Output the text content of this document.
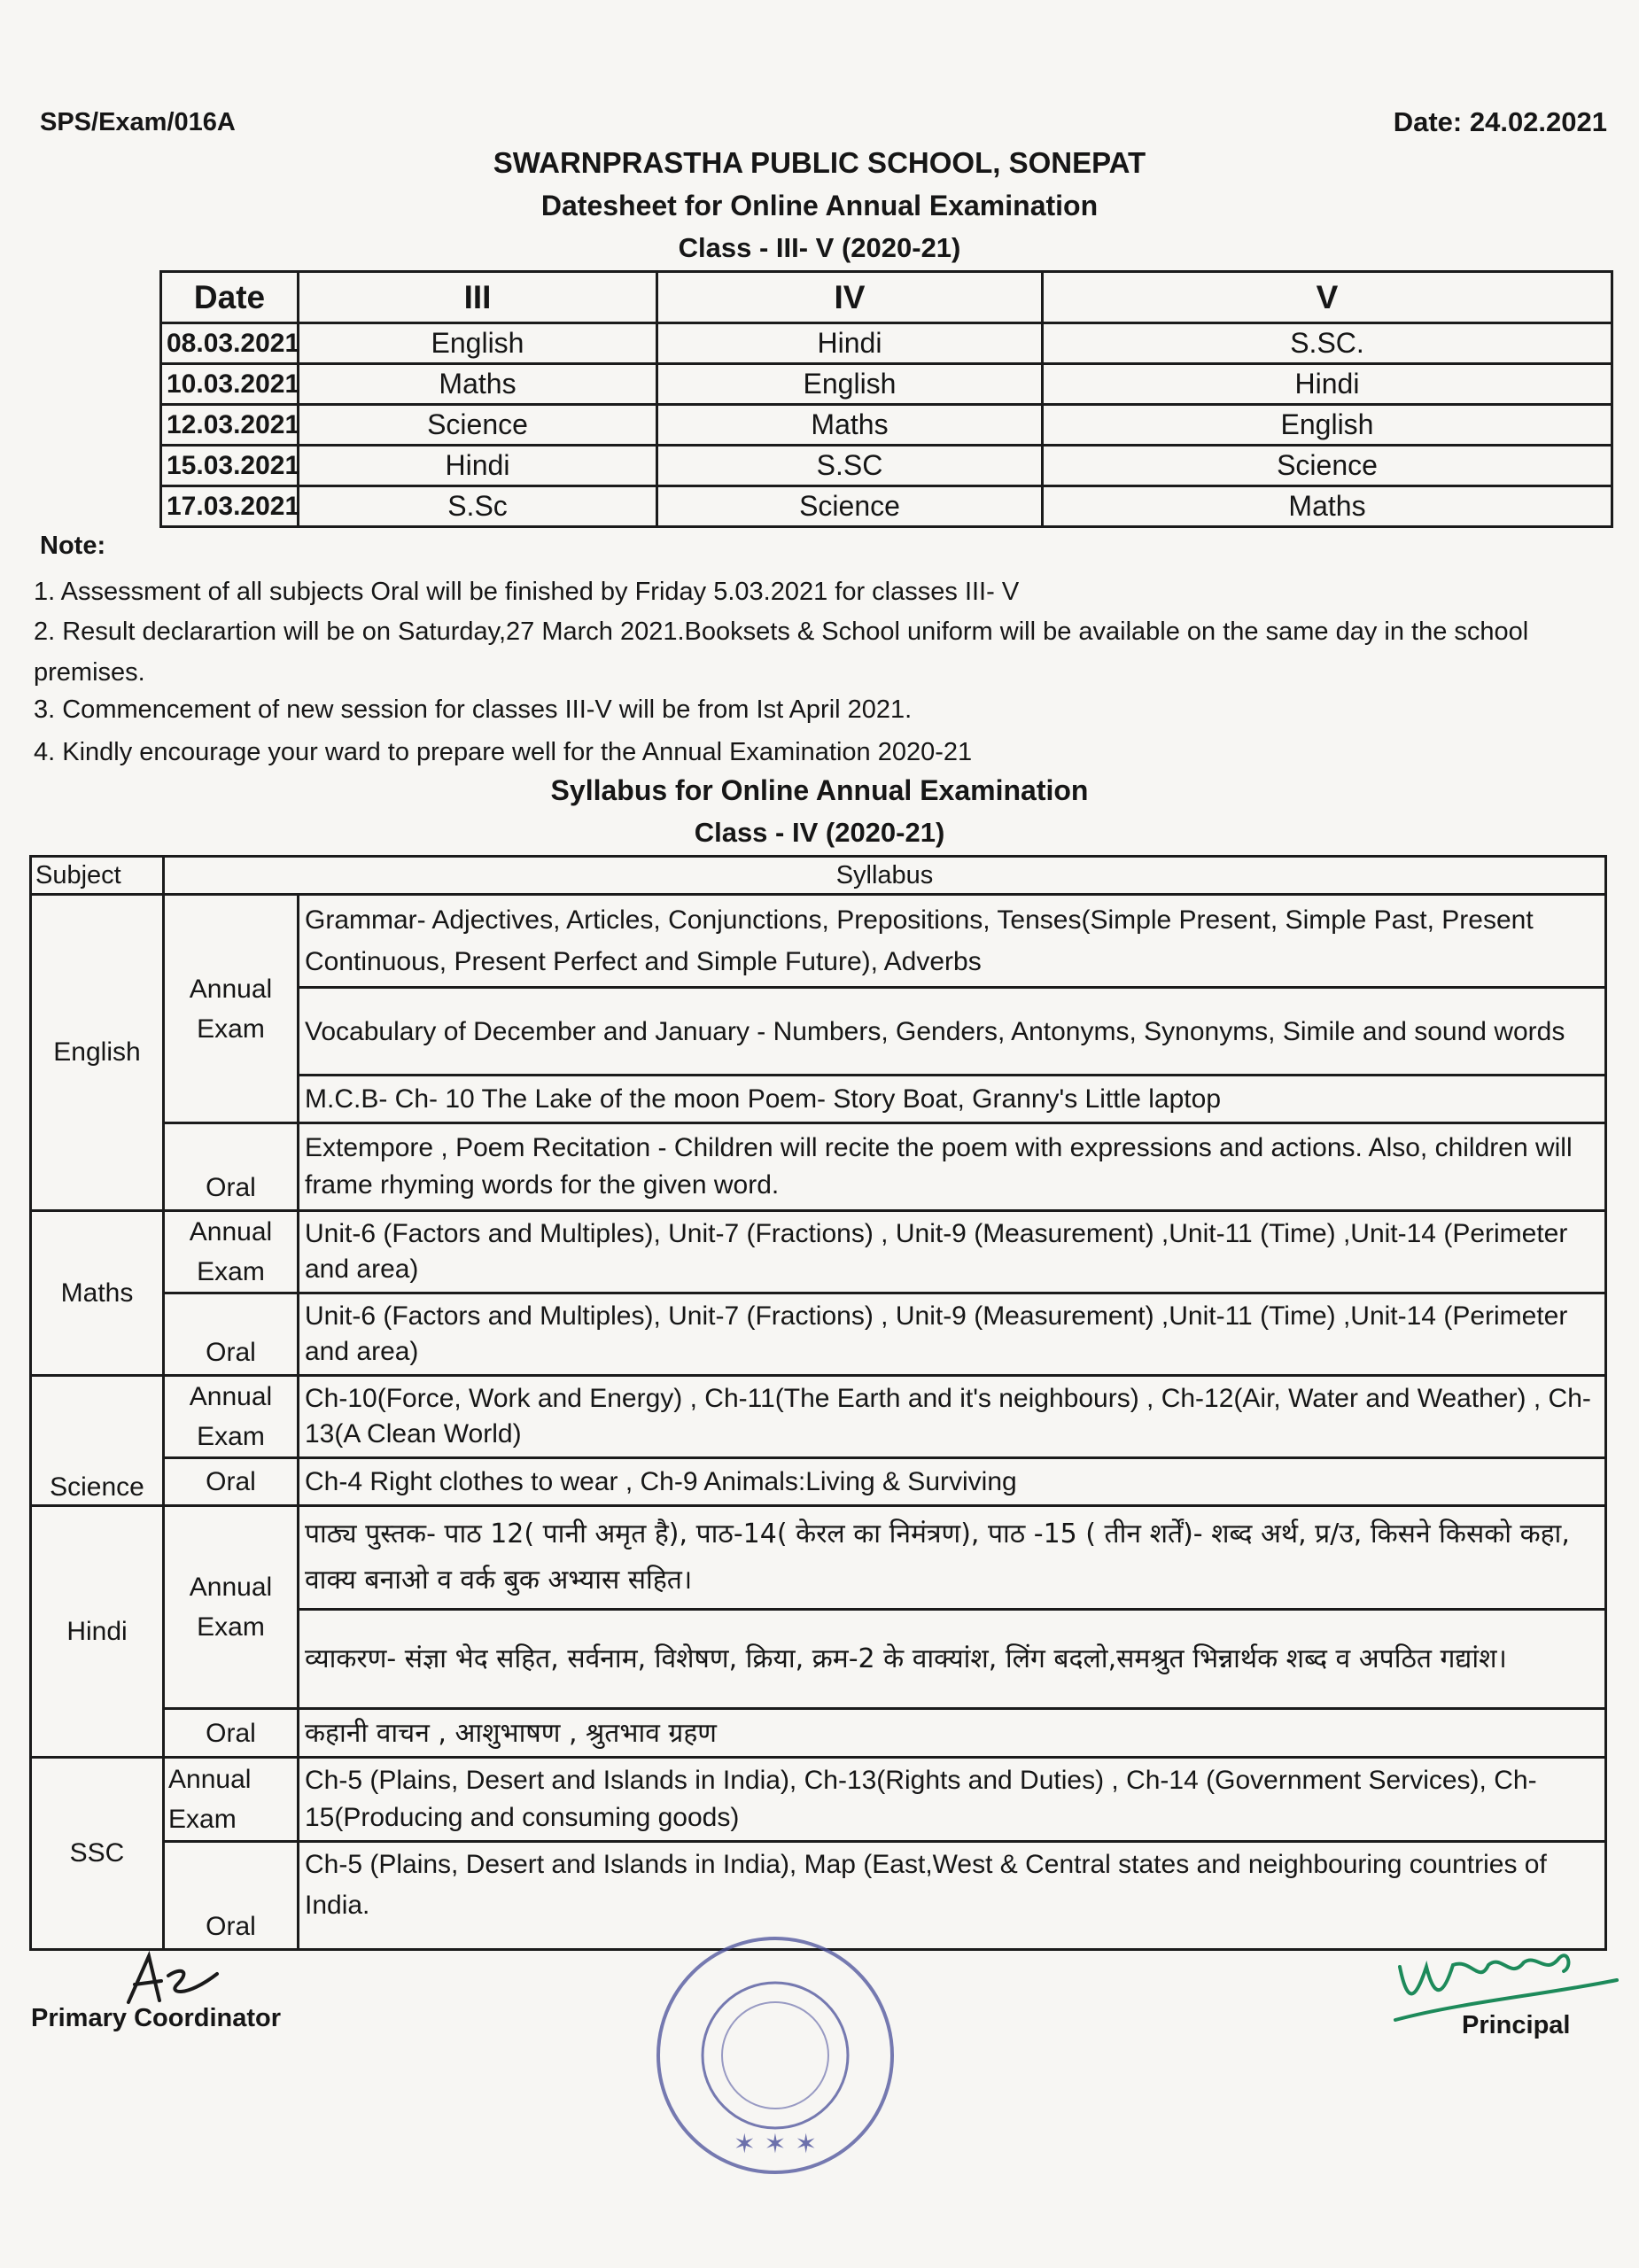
SPS/Exam/016A	Date: 24.02.2021
SWARNPRASTHA PUBLIC SCHOOL, SONEPAT
Datesheet for Online Annual Examination
Class - III- V (2020-21)
Date	III	IV	V
08.03.2021	English	Hindi	S.SC.
10.03.2021	Maths	English	Hindi
12.03.2021	Science	Maths	English
15.03.2021	Hindi	S.SC	Science
17.03.2021	S.Sc	Science	Maths
Note:
1. Assessment of all subjects Oral will be finished by Friday 5.03.2021 for classes III- V
2. Result declarartion will be on Saturday,27 March 2021.Booksets & School uniform will be available on the same day in the school premises.
3. Commencement of new session for classes III-V will be from Ist April 2021.
4. Kindly encourage your ward to prepare well for the Annual Examination 2020-21
Syllabus for Online Annual Examination
Class - IV (2020-21)
Subject	Syllabus	
English	Annual Exam	Grammar- Adjectives, Articles, Conjunctions, Prepositions, Tenses(Simple Present, Simple Past, Present Continuous, Present Perfect and Simple Future), Adverbs
		Vocabulary of December and January - Numbers, Genders, Antonyms, Synonyms, Simile and sound words
		M.C.B- Ch- 10 The Lake of the moon Poem- Story Boat, Granny's Little laptop
	Oral	Extempore , Poem Recitation - Children will recite the poem with expressions and actions. Also, children will frame rhyming words for the given word.
Maths	Annual Exam	Unit-6 (Factors and Multiples), Unit-7 (Fractions) , Unit-9 (Measurement) ,Unit-11 (Time) ,Unit-14 (Perimeter and area)
	Oral	Unit-6 (Factors and Multiples), Unit-7 (Fractions) , Unit-9 (Measurement) ,Unit-11 (Time) ,Unit-14 (Perimeter and area)
Science	Annual Exam	Ch-10(Force, Work and Energy) , Ch-11(The Earth and it's neighbours) , Ch-12(Air, Water and Weather) , Ch-13(A Clean World)
	Oral	Ch-4 Right clothes to wear , Ch-9 Animals:Living & Surviving
Hindi	Annual Exam	पाठ्य पुस्तक- पाठ 12( पानी अमृत है), पाठ-14( केरल का निमंत्रण), पाठ -15 ( तीन शर्तें)- शब्द अर्थ, प्र/उ, किसने किसको कहा, वाक्य बनाओ व वर्क बुक अभ्यास सहित।
		व्याकरण- संज्ञा भेद सहित, सर्वनाम, विशेषण, क्रिया, क्रम-2 के वाक्यांश, लिंग बदलो,समश्रुत भिन्नार्थक शब्द व अपठित गद्यांश।
	Oral	कहानी वाचन , आशुभाषण , श्रुतभाव ग्रहण
SSC	Annual Exam	Ch-5 (Plains, Desert and Islands in India), Ch-13(Rights and Duties) , Ch-14 (Government Services), Ch-15(Producing and consuming goods)
	Oral	Ch-5 (Plains, Desert and Islands in India), Map (East,West & Central states and neighbouring countries of India.
Primary Coordinator
✶ ✶ ✶
Principal
